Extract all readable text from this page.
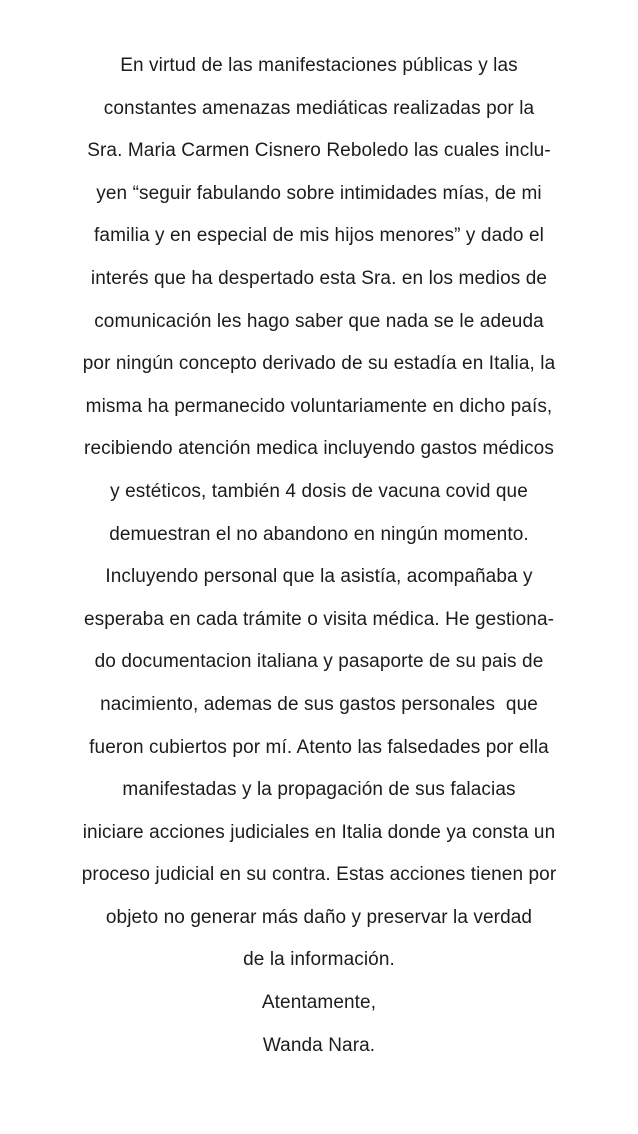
En virtud de las manifestaciones públicas y las
constantes amenazas mediáticas realizadas por la
Sra. Maria Carmen Cisnero Reboledo las cuales inclu-
yen “seguir fabulando sobre intimidades mías, de mi
familia y en especial de mis hijos menores” y dado el
interés que ha despertado esta Sra. en los medios de
comunicación les hago saber que nada se le adeuda
por ningún concepto derivado de su estadía en Italia, la
misma ha permanecido voluntariamente en dicho país,
recibiendo atención medica incluyendo gastos médicos
y estéticos, también 4 dosis de vacuna covid que
demuestran el no abandono en ningún momento.
Incluyendo personal que la asistía, acompañaba y
esperaba en cada trámite o visita médica. He gestiona-
do documentacion italiana y pasaporte de su pais de
nacimiento, ademas de sus gastos personales  que
fueron cubiertos por mí. Atento las falsedades por ella
manifestadas y la propagación de sus falacias
iniciare acciones judiciales en Italia donde ya consta un
proceso judicial en su contra. Estas acciones tienen por
objeto no generar más daño y preservar la verdad
de la información.
Atentamente,
Wanda Nara.
